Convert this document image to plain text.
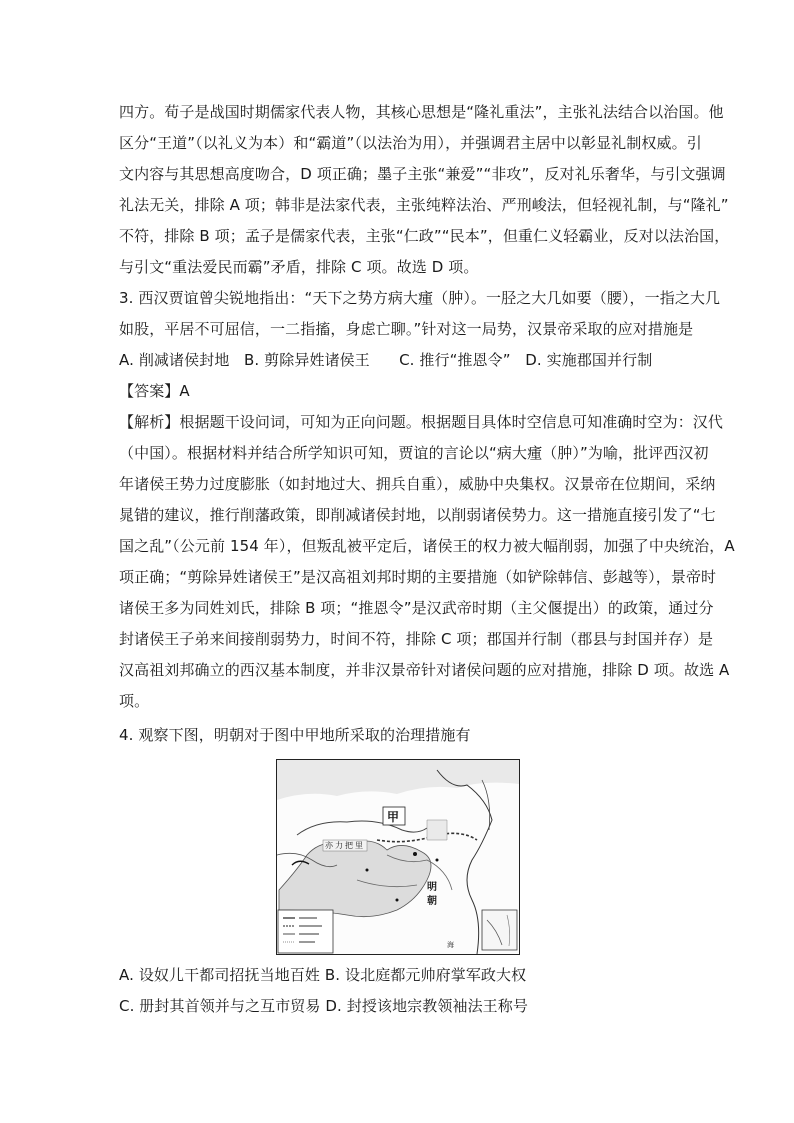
四方。荀子是战国时期儒家代表人物，其核心思想是“隆礼重法”，主张礼法结合以治国。他
区分“王道”（以礼义为本）和“霸道”（以法治为用），并强调君主居中以彰显礼制权威。引
文内容与其思想高度吻合，D 项正确；墨子主张“兼爱”“非攻”，反对礼乐奢华，与引文强调
礼法无关，排除 A 项；韩非是法家代表，主张纯粹法治、严刑峻法，但轻视礼制，与“隆礼”
不符，排除 B 项；孟子是儒家代表，主张“仁政”“民本”，但重仁义轻霸业，反对以法治国，
与引文“重法爱民而霸”矛盾，排除 C 项。故选 D 项。
3. 西汉贾谊曾尖锐地指出：“天下之势方病大瘇（肿）。一胫之大几如要（腰），一指之大几
如股，平居不可屈信，一二指搐，身虑亡聊。”针对这一局势，汉景帝采取的应对措施是
A. 削减诸侯封地   B. 剪除异姓诸侯王      C. 推行“推恩令”   D. 实施郡国并行制
【答案】A
【解析】根据题干设问词，可知为正向问题。根据题目具体时空信息可知准确时空为：汉代
（中国）。根据材料并结合所学知识可知，贾谊的言论以“病大瘇（肿）”为喻，批评西汉初
年诸侯王势力过度膨胀（如封地过大、拥兵自重），威胁中央集权。汉景帝在位期间，采纳
晁错的建议，推行削藩政策，即削减诸侯封地，以削弱诸侯势力。这一措施直接引发了“七
国之乱”（公元前 154 年），但叛乱被平定后，诸侯王的权力被大幅削弱，加强了中央统治，A
项正确；“剪除异姓诸侯王”是汉高祖刘邦时期的主要措施（如铲除韩信、彭越等），景帝时
诸侯王多为同姓刘氏，排除 B 项；“推恩令”是汉武帝时期（主父偃提出）的政策，通过分
封诸侯王子弟来间接削弱势力，时间不符，排除 C 项；郡国并行制（郡县与封国并存）是
汉高祖刘邦确立的西汉基本制度，并非汉景帝针对诸侯问题的应对措施，排除 D 项。故选 A
项。
4. 观察下图，明朝对于图中甲地所采取的治理措施有
甲
亦力把里
明
朝
海
A. 设奴儿干都司招抚当地百姓 B. 设北庭都元帅府掌军政大权
C. 册封其首领并与之互市贸易 D. 封授该地宗教领袖法王称号
